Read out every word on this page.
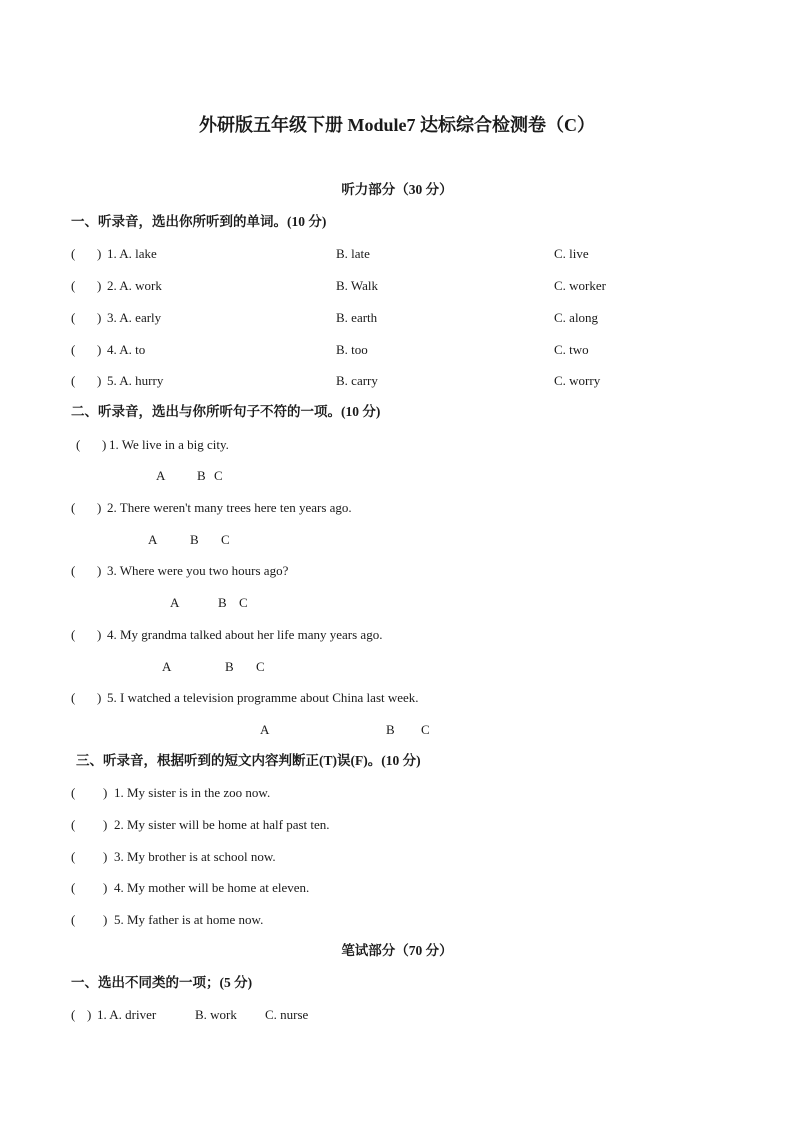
外研版五年级下册 Module7 达标综合检测卷（C）
听力部分（30 分）
一、听录音，选出你所听到的单词。(10 分)
( ) 1. A. lake	B. late	C. live
( ) 2. A. work	B. Walk	C. worker
( ) 3. A. early	B. earth	C. along
( ) 4. A. to	B. too	C. two
( ) 5. A. hurry	B. carry	C. worry
二、听录音，选出与你所听句子不符的一项。(10 分)
( ) 1. We live in a big city.
A B C
( ) 2. There weren't many trees here ten years ago.
A	B C
( ) 3. Where were you two hours ago?
A	B C
( ) 4. My grandma talked about her life many years ago.
A	B C
( ) 5. I watched a television programme about China last week.
A	B C
三、听录音，根据听到的短文内容判断正(T)误(F)。(10 分)
( ) 1. My sister is in the zoo now.
( ) 2. My sister will be home at half past ten.
( ) 3. My brother is at school now.
( ) 4. My mother will be home at eleven.
( ) 5. My father is at home now.
笔试部分（70 分）
一、选出不同类的一项；(5 分)
( ) 1. A. driver	B. work C. nurse
